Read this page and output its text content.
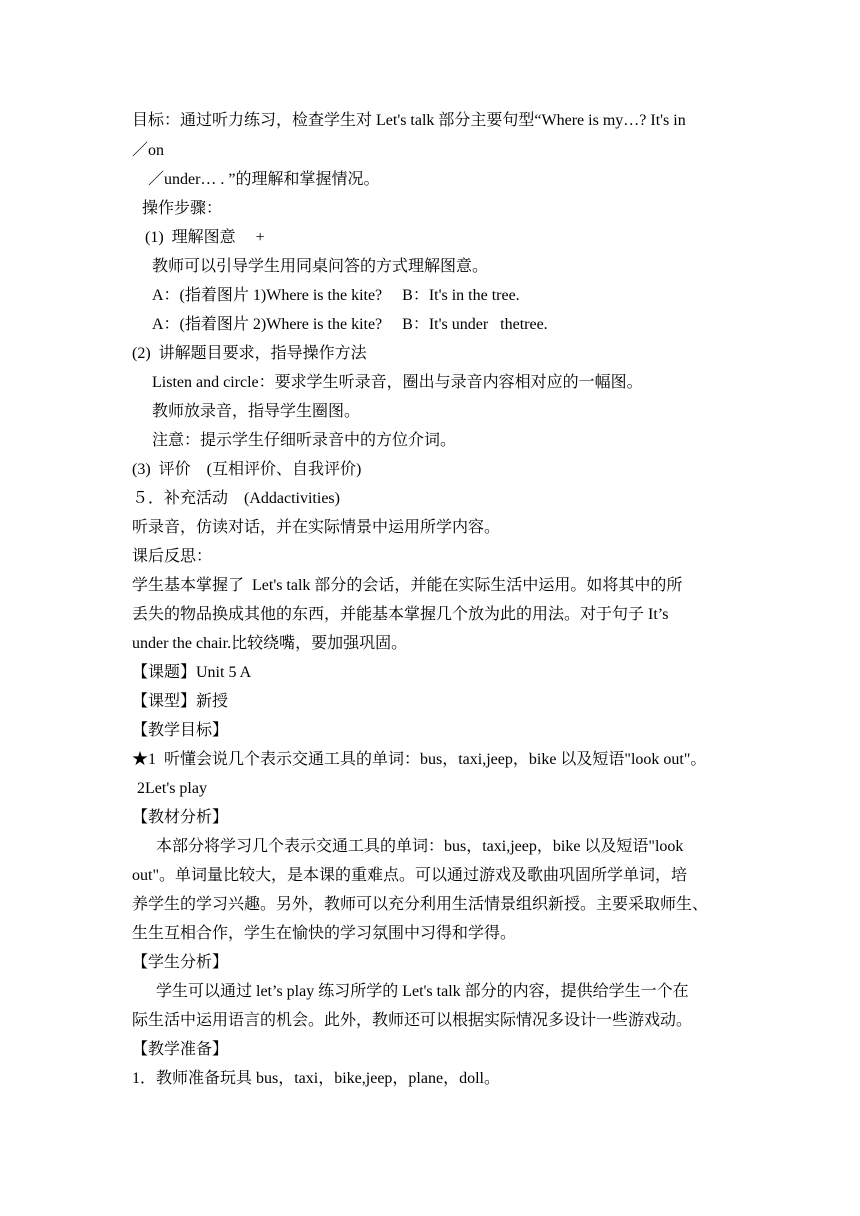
目标：通过听力练习，检查学生对 Let's talk 部分主要句型“Where is my…? It's in
／on
／under… . ”的理解和掌握情况。
操作步骤：
(1)  理解图意     +
教师可以引导学生用同桌问答的方式理解图意。
A：(指着图片 1)Where is the kite?     B：It's in the tree.
A：(指着图片 2)Where is the kite?     B：It's under   thetree.
(2)  讲解题目要求，指导操作方法
Listen and circle：要求学生听录音，圈出与录音内容相对应的一幅图。
教师放录音，指导学生圈图。
注意：提示学生仔细听录音中的方位介词。
(3)  评价    (互相评价、自我评价)
５．补充活动    (Addactivities)
听录音，仿读对话，并在实际情景中运用所学内容。
课后反思：
学生基本掌握了  Let's talk 部分的会话，并能在实际生活中运用。如将其中的所
丢失的物品换成其他的东西，并能基本掌握几个放为此的用法。对于句子 It’s
under the chair.比较绕嘴，要加强巩固。
【课题】Unit 5 A
【课型】新授
【教学目标】
★1  听懂会说几个表示交通工具的单词：bus，taxi,jeep，bike 以及短语"look out"。
2Let's play
【教材分析】
本部分将学习几个表示交通工具的单词：bus，taxi,jeep，bike 以及短语"look
out"。单词量比较大，是本课的重难点。可以通过游戏及歌曲巩固所学单词，培
养学生的学习兴趣。另外，教师可以充分利用生活情景组织新授。主要采取师生、
生生互相合作，学生在愉快的学习氛围中习得和学得。
【学生分析】
学生可以通过 let’s play 练习所学的 Let's talk 部分的内容，提供给学生一个在
际生活中运用语言的机会。此外，教师还可以根据实际情况多设计一些游戏动。
【教学准备】
1．教师准备玩具 bus，taxi，bike,jeep，plane，doll。
